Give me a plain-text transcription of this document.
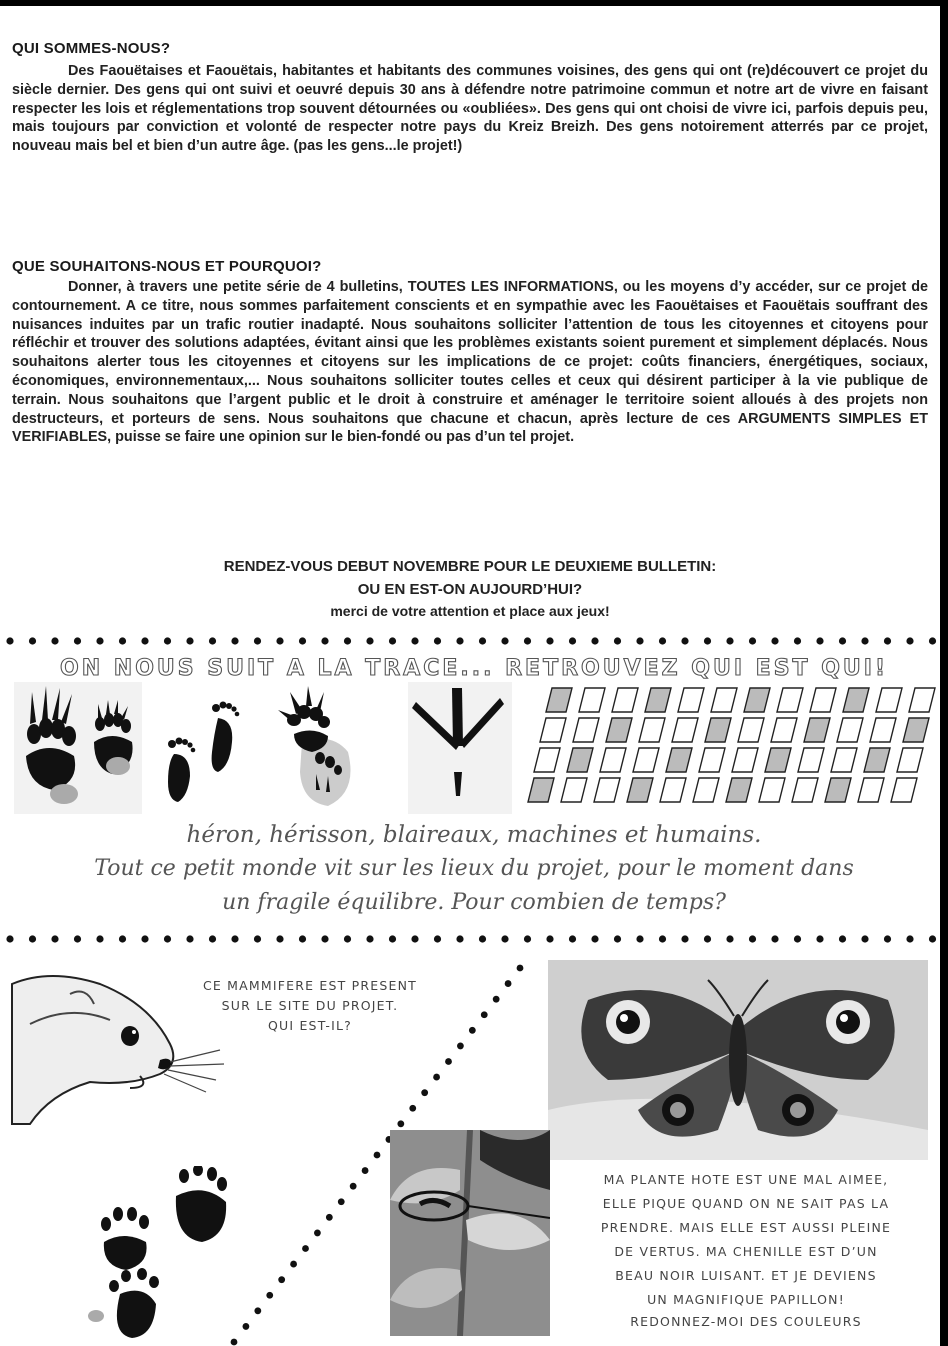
QUI SOMMES-NOUS?

Des Faouëtaises et Faouëtais, habitantes et habitants des communes voisines, des gens qui ont (re)découvert ce projet du siècle dernier. Des gens qui ont suivi et oeuvré depuis 30 ans à défendre notre patrimoine commun et notre art de vivre en faisant respecter les lois et réglementations trop souvent détournées ou «oubliées». Des gens qui ont choisi de vivre ici, parfois depuis peu, mais toujours par conviction et volonté de respecter notre pays du Kreiz Breizh. Des gens notoirement atterrés par ce projet, nouveau mais bel et bien d’un autre âge. (pas les gens...le projet!)

QUE SOUHAITONS-NOUS ET POURQUOI?

Donner, à travers une petite série de 4 bulletins, TOUTES LES INFORMATIONS, ou les moyens d’y accéder, sur ce projet de contournement. A ce titre, nous sommes parfaitement conscients et en sympathie avec les Faouëtaises et Faouëtais souffrant des nuisances induites par un trafic routier inadapté. Nous souhaitons solliciter l’attention de tous les citoyennes et citoyens pour réfléchir et trouver des solutions adaptées, évitant ainsi que les problèmes existants soient purement et simplement déplacés. Nous souhaitons alerter tous les citoyennes et citoyens sur les implications de ce projet: coûts financiers, énergétiques, sociaux, économiques, environnementaux,... Nous souhaitons solliciter toutes celles et ceux qui désirent participer à la vie publique de terrain. Nous souhaitons que l’argent public et le droit à construire et aménager le territoire soient alloués à des projets non destructeurs, et porteurs de sens. Nous souhaitons que chacune et chacun, après lecture de ces ARGUMENTS SIMPLES ET VERIFIABLES, puisse se faire une opinion sur le bien-fondé ou pas d’un tel projet.

RENDEZ-VOUS DEBUT NOVEMBRE POUR LE DEUXIEME BULLETIN:
OU EN EST-ON AUJOURD’HUI?
merci de votre attention et place aux jeux!
ON NOUS SUIT A LA TRACE... RETROUVEZ QUI EST QUI!
héron, hérisson, blaireaux, machines et humains.
Tout ce petit monde vit sur les lieux du projet, pour le moment dans
un fragile équilibre. Pour combien de temps?
CE MAMMIFERE EST PRESENT
SUR LE SITE DU PROJET.
QUI EST-IL?
MA PLANTE HOTE EST UNE MAL AIMEE,
ELLE PIQUE QUAND ON NE SAIT PAS LA
PRENDRE. MAIS ELLE EST AUSSI PLEINE
DE VERTUS. MA CHENILLE EST D’UN
BEAU NOIR LUISANT. ET JE DEVIENS
UN MAGNIFIQUE PAPILLON!
REDONNEZ-MOI DES COULEURS
